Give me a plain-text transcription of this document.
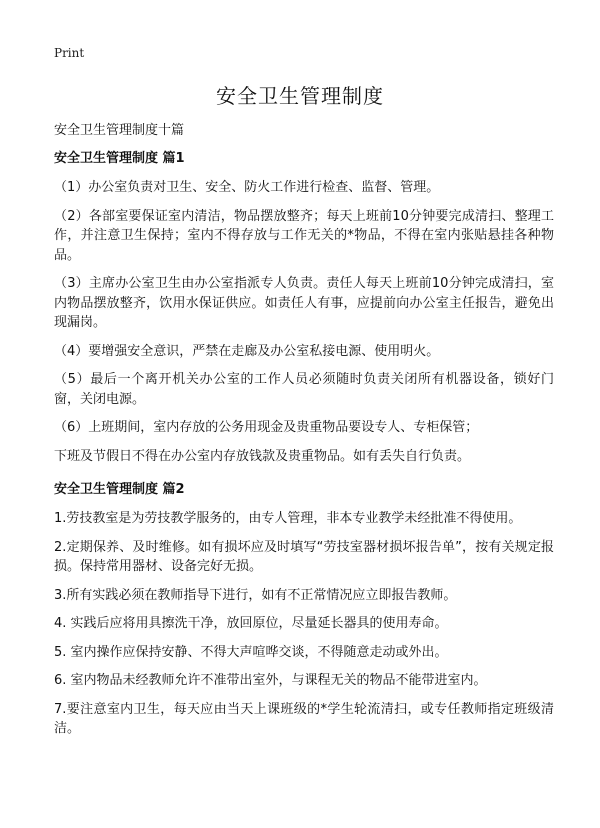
Print
安全卫生管理制度

安全卫生管理制度十篇

安全卫生管理制度 篇1

（1）办公室负责对卫生、安全、防火工作进行检查、监督、管理。

（2）各部室要保证室内清洁，物品摆放整齐；每天上班前10分钟要完成清扫、整理工作，并注意卫生保持；室内不得存放与工作无关的*物品，不得在室内张贴悬挂各种物品。

（3）主席办公室卫生由办公室指派专人负责。责任人每天上班前10分钟完成清扫，室内物品摆放整齐，饮用水保证供应。如责任人有事，应提前向办公室主任报告，避免出现漏岗。

（4）要增强安全意识，严禁在走廊及办公室私接电源、使用明火。

（5）最后一个离开机关办公室的工作人员必须随时负责关闭所有机器设备，锁好门窗，关闭电源。

（6）上班期间，室内存放的公务用现金及贵重物品要设专人、专柜保管；

下班及节假日不得在办公室内存放钱款及贵重物品。如有丢失自行负责。

安全卫生管理制度 篇2

1.劳技教室是为劳技教学服务的，由专人管理，非本专业教学未经批准不得使用。

2.定期保养、及时维修。如有损坏应及时填写“劳技室器材损坏报告单”，按有关规定报损。保持常用器材、设备完好无损。

3.所有实践必须在教师指导下进行，如有不正常情况应立即报告教师。

4. 实践后应将用具擦洗干净，放回原位，尽量延长器具的使用寿命。

5. 室内操作应保持安静、不得大声喧哗交谈，不得随意走动或外出。

6. 室内物品未经教师允许不准带出室外，与课程无关的物品不能带进室内。

7.要注意室内卫生，每天应由当天上课班级的*学生轮流清扫，或专任教师指定班级清洁。
